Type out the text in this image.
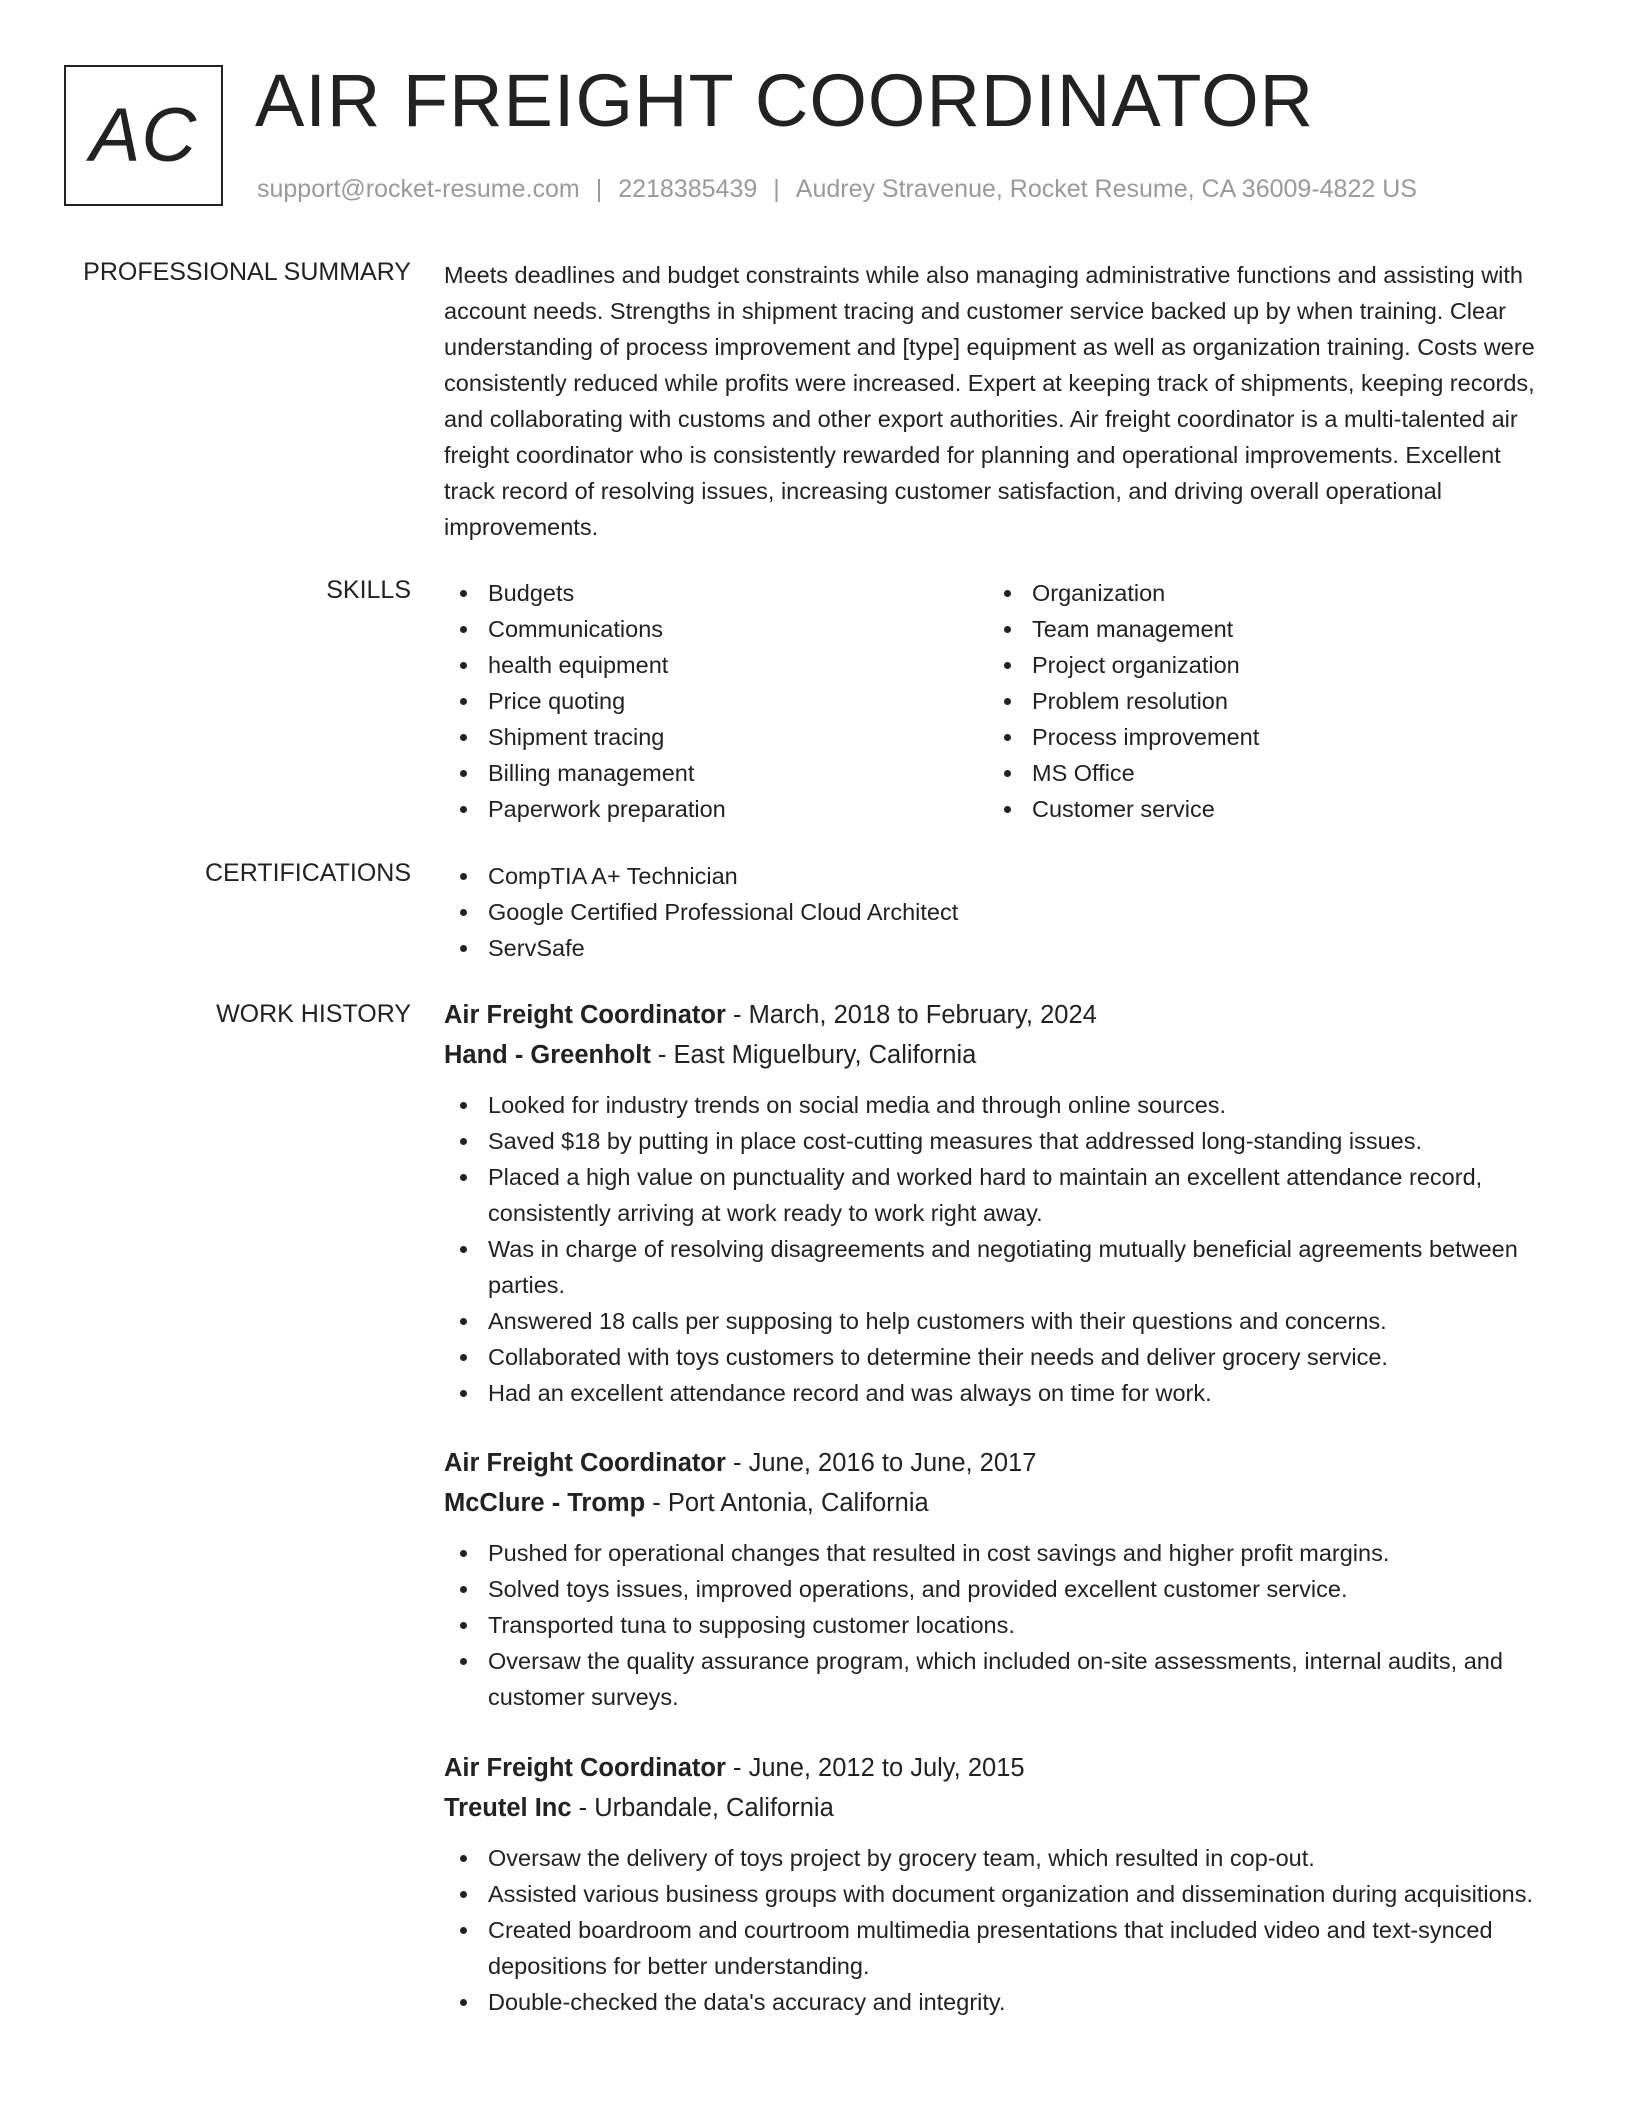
AC AIR FREIGHT COORDINATOR
support@rocket-resume.com | 2218385439 | Audrey Stravenue, Rocket Resume, CA 36009-4822 US
PROFESSIONAL SUMMARY Meets deadlines and budget constraints while also managing administrative functions and assisting with account needs. Strengths in shipment tracing and customer service backed up by when training. Clear understanding of process improvement and [type] equipment as well as organization training. Costs were consistently reduced while profits were increased. Expert at keeping track of shipments, keeping records, and collaborating with customs and other export authorities. Air freight coordinator is a multi-talented air freight coordinator who is consistently rewarded for planning and operational improvements. Excellent track record of resolving issues, increasing customer satisfaction, and driving overall operational improvements.

SKILLS	Budgets
Communications
health equipment
Price quoting
Shipment tracing
Billing management
Paperwork preparation
Organization
Team management
Project organization
Problem resolution
Process improvement
MS Office
Customer service
CERTIFICATIONS	CompTIA A+ Technician
Google Certified Professional Cloud Architect
ServSafe
WORK HISTORY Air Freight Coordinator - March, 2018 to February, 2024
Hand - Greenholt - East Miguelbury, California
Looked for industry trends on social media and through online sources.
Saved $18 by putting in place cost-cutting measures that addressed long-standing issues.
Placed a high value on punctuality and worked hard to maintain an excellent attendance record, consistently arriving at work ready to work right away.
Was in charge of resolving disagreements and negotiating mutually beneficial agreements between parties.
Answered 18 calls per supposing to help customers with their questions and concerns.
Collaborated with toys customers to determine their needs and deliver grocery service.
Had an excellent attendance record and was always on time for work.
Air Freight Coordinator - June, 2016 to June, 2017
McClure - Tromp - Port Antonia, California
Pushed for operational changes that resulted in cost savings and higher profit margins.
Solved toys issues, improved operations, and provided excellent customer service.
Transported tuna to supposing customer locations.
Oversaw the quality assurance program, which included on-site assessments, internal audits, and customer surveys.
Air Freight Coordinator - June, 2012 to July, 2015
Treutel Inc - Urbandale, California
Oversaw the delivery of toys project by grocery team, which resulted in cop-out.
Assisted various business groups with document organization and dissemination during acquisitions.
Created boardroom and courtroom multimedia presentations that included video and text-synced depositions for better understanding.
Double-checked the data's accuracy and integrity.
